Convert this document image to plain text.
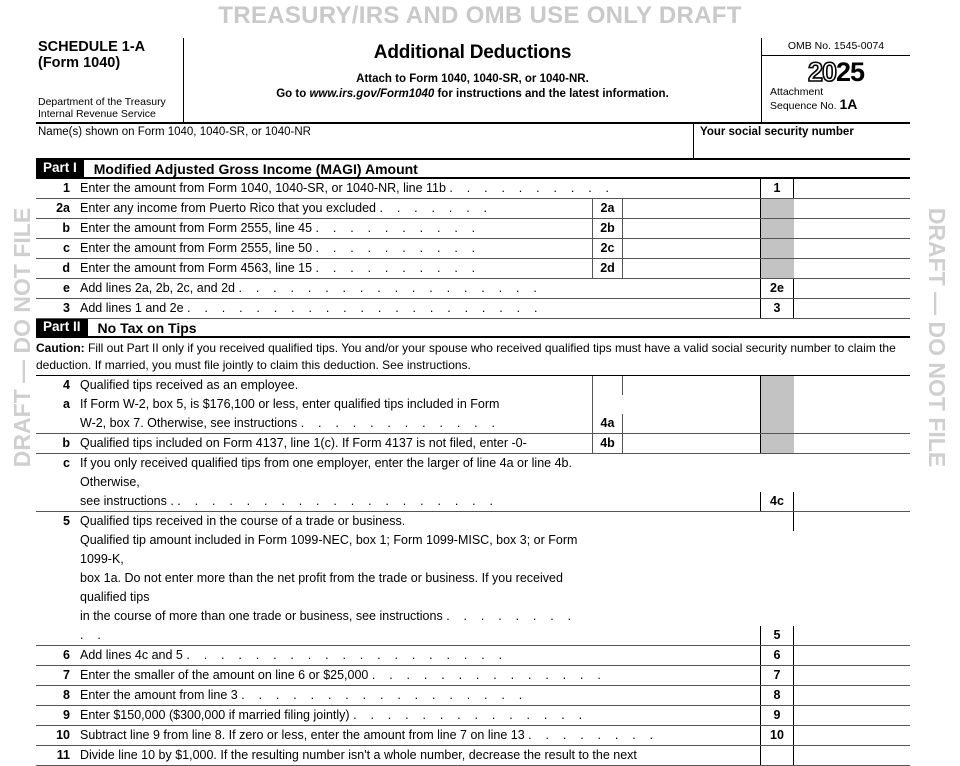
TREASURY/IRS AND OMB USE ONLY DRAFT
DRAFT — DO NOT FILE	DRAFT — DO NOT FILE
SCHEDULE 1-A
(Form 1040)
Department of the Treasury
Internal Revenue Service
Additional Deductions
Attach to Form 1040, 1040-SR, or 1040-NR.
Go to www.irs.gov/Form1040 for instructions and the latest information.
OMB No. 1545-0074
2025
Attachment
Sequence No. 1A
Name(s) shown on Form 1040, 1040-SR, or 1040-NR	Your social security number
Part I	Modified Adjusted Gross Income (MAGI) Amount
1 Enter the amount from Form 1040, 1040-SR, or 1040-NR, line 11b . . . . . . . . . .	1
2a Enter any income from Puerto Rico that you excluded . . . . . . .	2a
b Enter the amount from Form 2555, line 45 . . . . . . . . . .	2b
c Enter the amount from Form 2555, line 50 . . . . . . . . . .	2c
d Enter the amount from Form 4563, line 15 . . . . . . . . . .	2d
e Add lines 2a, 2b, 2c, and 2d . . . . . . . . . . . . . . . . . .	2e
3 Add lines 1 and 2e . . . . . . . . . . . . . . . . . . . . .	3
Part II	No Tax on Tips
Caution: Fill out Part II only if you received qualified tips. You and/or your spouse who received qualified tips must have a valid social security number to claim the deduction. If married, you must file jointly to claim this deduction. See instructions.
4 Qualified tips received as an employee.
a If Form W-2, box 5, is $176,100 or less, enter qualified tips included in Form
W-2, box 7. Otherwise, see instructions . . . . . . . . . . . .	4a
b Qualified tips included on Form 4137, line 1(c). If Form 4137 is not filed, enter -0-	4b
c If you only received qualified tips from one employer, enter the larger of line 4a or line 4b. Otherwise,
see instructions . . . . . . . . . . . . . . . . . . . .	4c
5 Qualified tips received in the course of a trade or business.
Qualified tip amount included in Form 1099-NEC, box 1; Form 1099-MISC, box 3; or Form 1099-K,
box 1a. Do not enter more than the net profit from the trade or business. If you received qualified tips
in the course of more than one trade or business, see instructions . . . . . . . . . .	5
6 Add lines 4c and 5 . . . . . . . . . . . . . . . . . . .	6
7 Enter the smaller of the amount on line 6 or $25,000 . . . . . . . . . . . . . .	7
8 Enter the amount from line 3 . . . . . . . . . . . . . . . . .	8
9 Enter $150,000 ($300,000 if married filing jointly) . . . . . . . . . . . . . .	9
10 Subtract line 9 from line 8. If zero or less, enter the amount from line 7 on line 13 . . . . . . . .	10
11 Divide line 10 by $1,000. If the resulting number isn't a whole number, decrease the result to the next
